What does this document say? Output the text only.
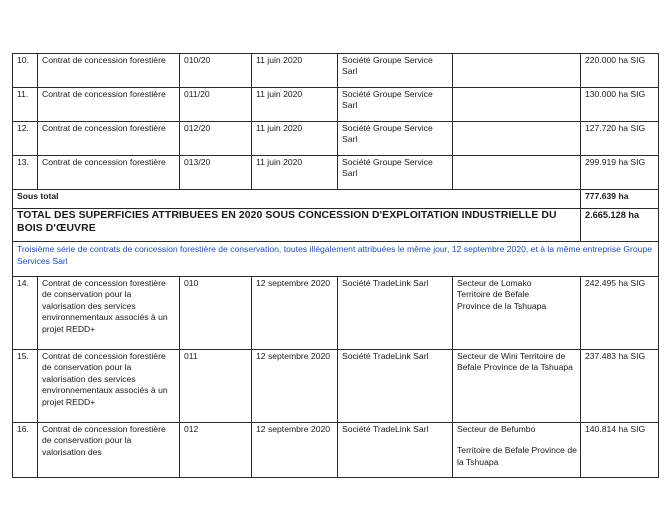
10.	Contrat de concession forestière	010/20	11 juin 2020	Société Groupe Service Sarl		220.000 ha SIG
11.	Contrat de concession forestière	011/20	11 juin 2020	Société Groupe Service Sarl		130.000 ha SIG
12.	Contrat de concession forestière	012/20	11 juin 2020	Société Groupe Service Sarl		127.720 ha SIG
13.	Contrat de concession forestière	013/20	11 juin 2020	Société Groupe Service Sarl		299.919 ha SIG
Sous total						777.639 ha
TOTAL DES SUPERFICIES ATTRIBUEES EN 2020 SOUS CONCESSION D'EXPLOITATION INDUSTRIELLE DU BOIS D'ŒUVRE						2.665.128 ha
Troisième série de contrats de concession forestière de conservation, toutes illégalement attribuées le même jour, 12 septembre 2020, et à la même entreprise Groupe Services Sarl						
14.	Contrat de concession forestière de conservation pour la valorisation des services environnementaux associés à un projet REDD+	010	12 septembre 2020	Société TradeLink Sarl	Secteur de Lomako
Territoire de Befale
Province de la Tshuapa	242.495 ha SIG
15.	Contrat de concession forestière de conservation pour la valorisation des services environnementaux associés à un projet REDD+	011	12 septembre 2020	Société TradeLink Sarl	Secteur de Wini Territoire de Befale Province de la Tshuapa	237.483 ha SIG
16.	Contrat de concession forestière de conservation pour la valorisation des	012	12 septembre 2020	Société TradeLink Sarl	Secteur de Befumbo
Territoire de Befale Province de la Tshuapa	140.814 ha SIG
